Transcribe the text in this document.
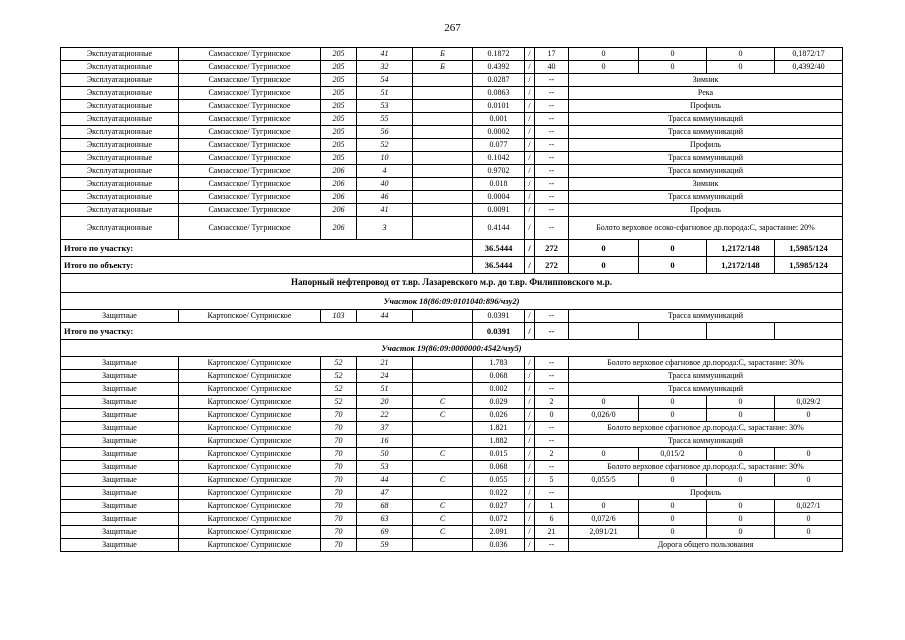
267
Эксплуатационные	Самзасское/ Тугринское	205	41	Б	0.1872	/	17	0	0	0	0,1872/17
Эксплуатационные	Самзасское/ Тугринское	205	32	Б	0.4392	/	40	0	0	0	0,4392/40
Эксплуатационные	Самзасское/ Тугринское	205	54		0.0287	/	--	Зимник			
Эксплуатационные	Самзасское/ Тугринское	205	51		0.0863	/	--	Река			
Эксплуатационные	Самзасское/ Тугринское	205	53		0.0101	/	--	Профиль			
Эксплуатационные	Самзасское/ Тугринское	205	55		0.001	/	--	Трасса коммуникаций			
Эксплуатационные	Самзасское/ Тугринское	205	56		0.0002	/	--	Трасса коммуникаций			
Эксплуатационные	Самзасское/ Тугринское	205	52		0.077	/	--	Профиль			
Эксплуатационные	Самзасское/ Тугринское	205	10		0.1042	/	--	Трасса коммуникаций			
Эксплуатационные	Самзасское/ Тугринское	206	4		0.9702	/	--	Трасса коммуникаций			
Эксплуатационные	Самзасское/ Тугринское	206	40		0.018	/	--	Зимник			
Эксплуатационные	Самзасское/ Тугринское	206	46		0.0004	/	--	Трасса коммуникаций			
Эксплуатационные	Самзасское/ Тугринское	206	41		0.0091	/	--	Профиль			
Эксплуатационные	Самзасское/ Тугринское	206	3		0.4144	/	--	Болото верховое осоко-сфагновое др.порода:С, зарастание: 20%			
Итого по участку:					36.5444	/	272	0	0	1,2172/148	1,5985/124
Итого по объекту:					36.5444	/	272	0	0	1,2172/148	1,5985/124
Напорный нефтепровод от т.вр. Лазаревского м.р. до т.вр. Филипповского м.р.											
Участок 18(86:09:0101040:896/чзу2)											
Защитные	Картопское/ Супринское	103	44		0.0391	/	--	Трасса коммуникаций			
Итого по участку:					0.0391	/	--				
Участок 19(86:09:0000000:4542/чзу5)											
Защитные	Картопское/ Супринское	52	21		1.783	/	--	Болото верховое сфагновое др.порода:С, зарастание: 30%			
Защитные	Картопское/ Супринское	52	24		0.068	/	--	Трасса коммуникаций			
Защитные	Картопское/ Супринское	52	51		0.002	/	--	Трасса коммуникаций			
Защитные	Картопское/ Супринское	52	20	С	0.029	/	2	0	0	0	0,029/2
Защитные	Картопское/ Супринское	70	22	С	0.026	/	0	0,026/0	0	0	0
Защитные	Картопское/ Супринское	70	37		1.821	/	--	Болото верховое сфагновое др.порода:С, зарастание: 30%			
Защитные	Картопское/ Супринское	70	16		1.882	/	--	Трасса коммуникаций			
Защитные	Картопское/ Супринское	70	50	С	0.015	/	2	0	0,015/2	0	0
Защитные	Картопское/ Супринское	70	53		0.068	/	--	Болото верховое сфагновое др.порода:С, зарастание: 30%			
Защитные	Картопское/ Супринское	70	44	С	0.055	/	5	0,055/5	0	0	0
Защитные	Картопское/ Супринское	70	47		0.022	/	--	Профиль			
Защитные	Картопское/ Супринское	70	68	С	0.027	/	1	0	0	0	0,027/1
Защитные	Картопское/ Супринское	70	63	С	0.072	/	6	0,072/6	0	0	0
Защитные	Картопское/ Супринское	70	69	С	2.091	/	21	2,091/21	0	0	0
Защитные	Картопское/ Супринское	70	59		0.036	/	--	Дорога общего пользования			
